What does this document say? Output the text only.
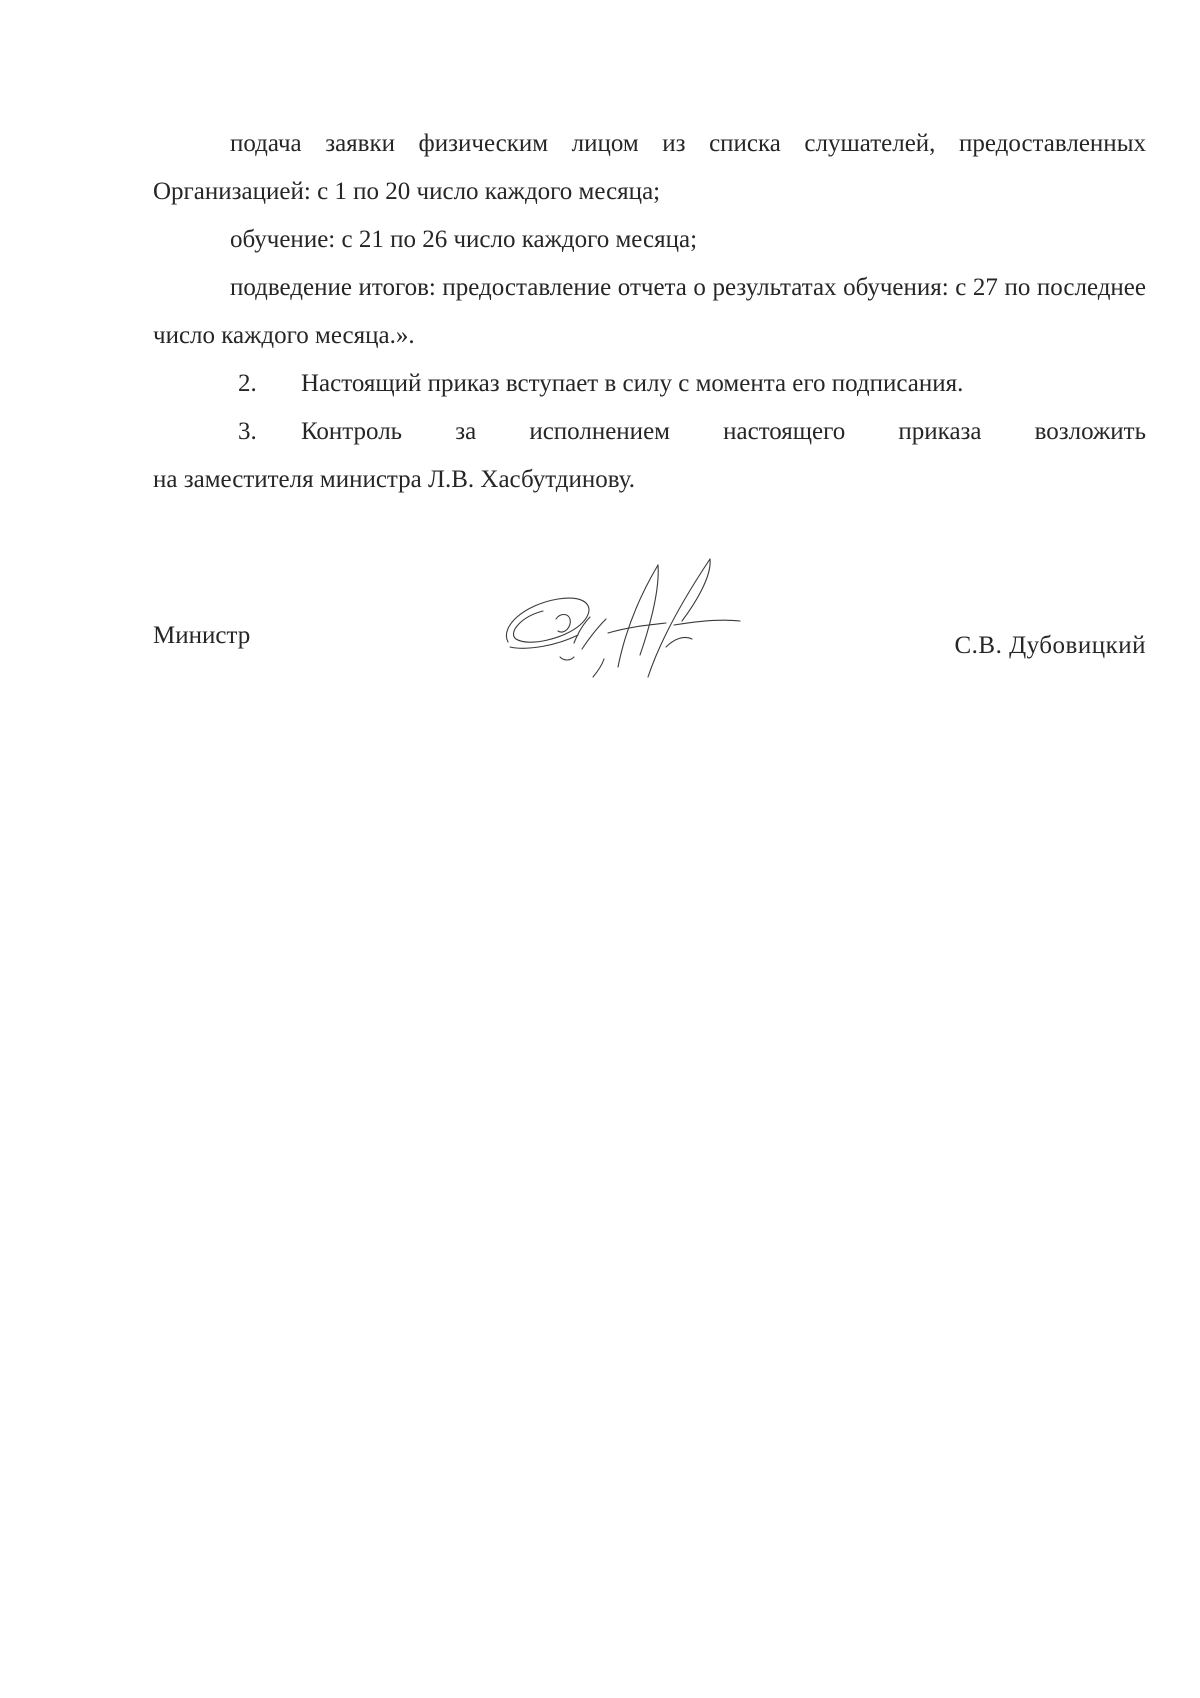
подача заявки физическим лицом из списка слушателей, предоставленных Организацией: с 1 по 20 число каждого месяца;

обучение: с 21 по 26 число каждого месяца;

подведение итогов: предоставление отчета о результатах обучения: с 27 по последнее число каждого месяца.».

2. Настоящий приказ вступает в силу с момента его подписания.

3. Контроль за исполнением настоящего приказа возложить
на заместителя министра Л.В. Хасбутдинову.
Министр	С.В. Дубовицкий
